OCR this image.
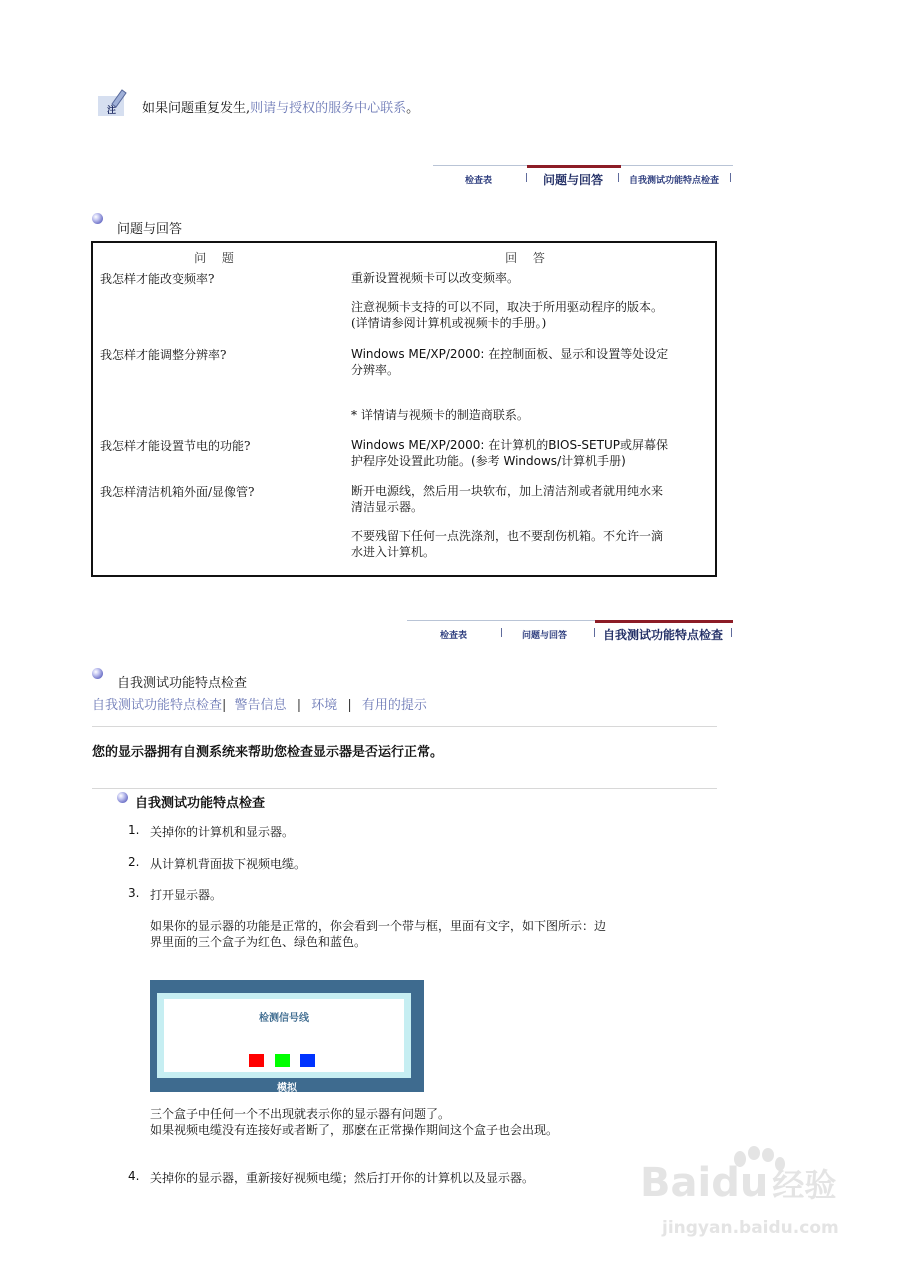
注 如果问题重复发生,则请与授权的服务中心联系。
检查表	| 问题与回答 | 自我测试功能特点检查 |
问题与回答
问 题	回 答
我怎样才能改变频率?	重新设置视频卡可以改变频率。

注意视频卡支持的可以不同，取决于所用驱动程序的版本。

(详情请参阅计算机或视频卡的手册。)

我怎样才能调整分辨率?	Windows ME/XP/2000: 在控制面板、显示和设置等处设定

分辨率。

* 详情请与视频卡的制造商联系。

我怎样才能设置节电的功能?	Windows ME/XP/2000: 在计算机的BIOS-SETUP或屏幕保

护程序处设置此功能。(参考 Windows/计算机手册)

我怎样清洁机箱外面/显像管?	断开电源线，然后用一块软布，加上清洁剂或者就用纯水来

清洁显示器。

不要残留下任何一点洗涤剂，也不要刮伤机箱。不允许一滴

水进入计算机。

检查表	| 问题与回答	| 自我测试功能特点检查 |
自我测试功能特点检查
自我测试功能特点检查| 警告信息 | 环境 | 有用的提示
您的显示器拥有自测系统来帮助您检查显示器是否运行正常。
自我测试功能特点检查
1. 关掉你的计算机和显示器。
2. 从计算机背面拔下视频电缆。
3. 打开显示器。
如果你的显示器的功能是正常的，你会看到一个带与框，里面有文字，如下图所示：边
界里面的三个盒子为红色、绿色和蓝色。
检测信号线
模拟
三个盒子中任何一个不出现就表示你的显示器有问题了。
如果视频电缆没有连接好或者断了，那麽在正常操作期间这个盒子也会出现。
4. 关掉你的显示器，重新接好视频电缆；然后打开你的计算机以及显示器。	Baidu 经验
jingyan.baidu.com
